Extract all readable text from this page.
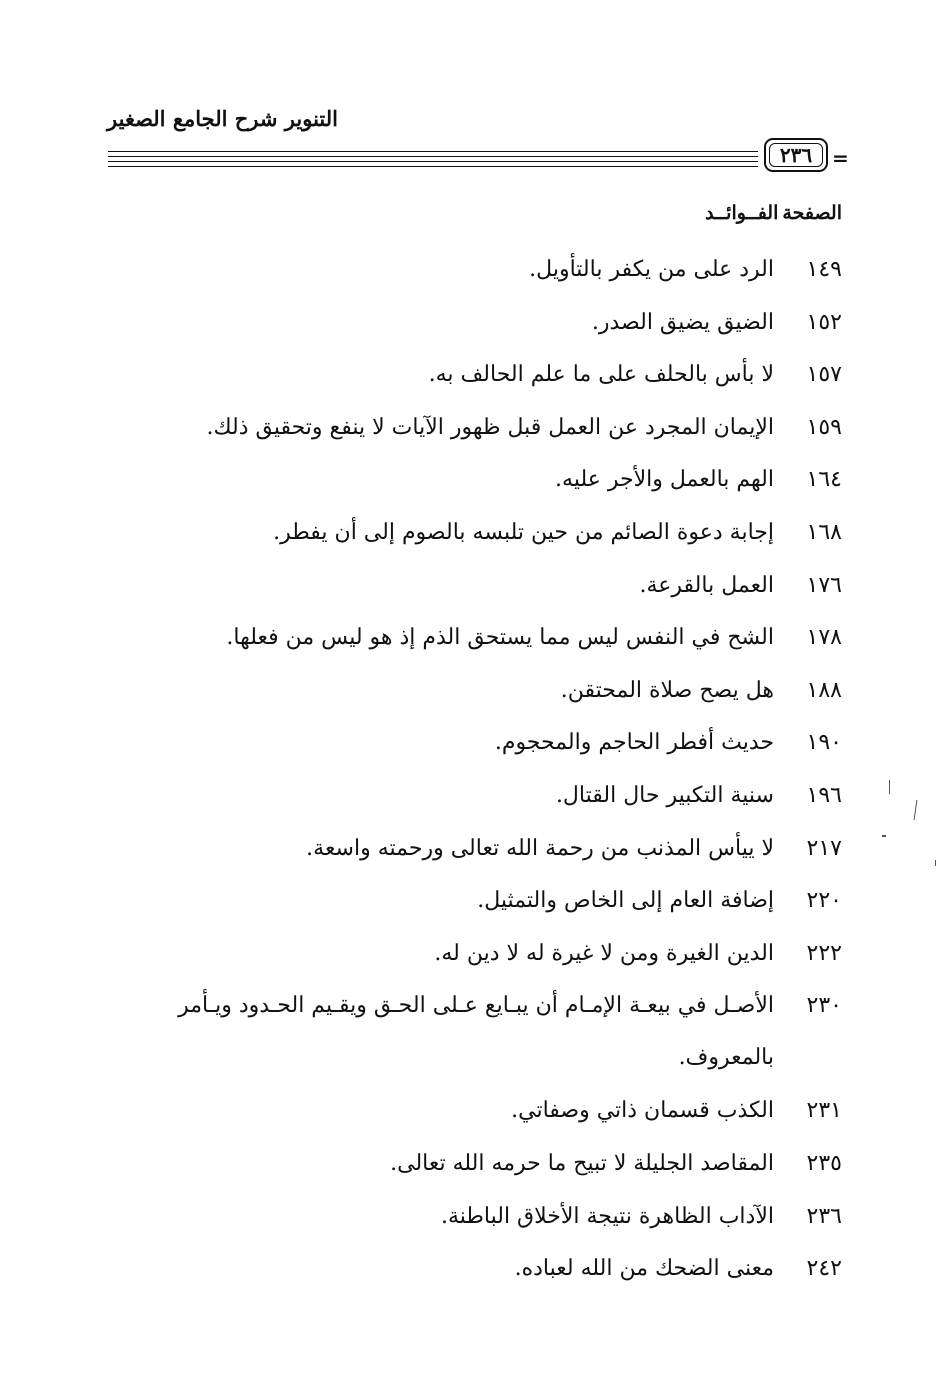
التنوير شرح الجامع الصغير
٢٣٦ =
الصفحةالفــوائــد
١٤٩
الرد على من يكفر بالتأويل.
١٥٢
الضيق يضيق الصدر.
١٥٧
لا بأس بالحلف على ما علم الحالف به.
١٥٩
الإيمان المجرد عن العمل قبل ظهور الآيات لا ينفع وتحقيق ذلك.
١٦٤
الهم بالعمل والأجر عليه.
١٦٨
إجابة دعوة الصائم من حين تلبسه بالصوم إلى أن يفطر.
١٧٦
العمل بالقرعة.
١٧٨
الشح في النفس ليس مما يستحق الذم إذ هو ليس من فعلها.
١٨٨
هل يصح صلاة المحتقن.
١٩٠
حديث أفطر الحاجم والمحجوم.
١٩٦
سنية التكبير حال القتال.
٢١٧
لا ييأس المذنب من رحمة الله تعالى ورحمته واسعة.
٢٢٠
إضافة العام إلى الخاص والتمثيل.
٢٢٢
الدين الغيرة ومن لا غيرة له لا دين له.
٢٣٠
الأصـل في بيعـة الإمـام أن يبـايع عـلى الحـق ويقـيم الحـدود ويـأمر بالمعروف.
٢٣١
الكذب قسمان ذاتي وصفاتي.
٢٣٥
المقاصد الجليلة لا تبيح ما حرمه الله تعالى.
٢٣٦
الآداب الظاهرة نتيجة الأخلاق الباطنة.
٢٤٢
معنى الضحك من الله لعباده.
